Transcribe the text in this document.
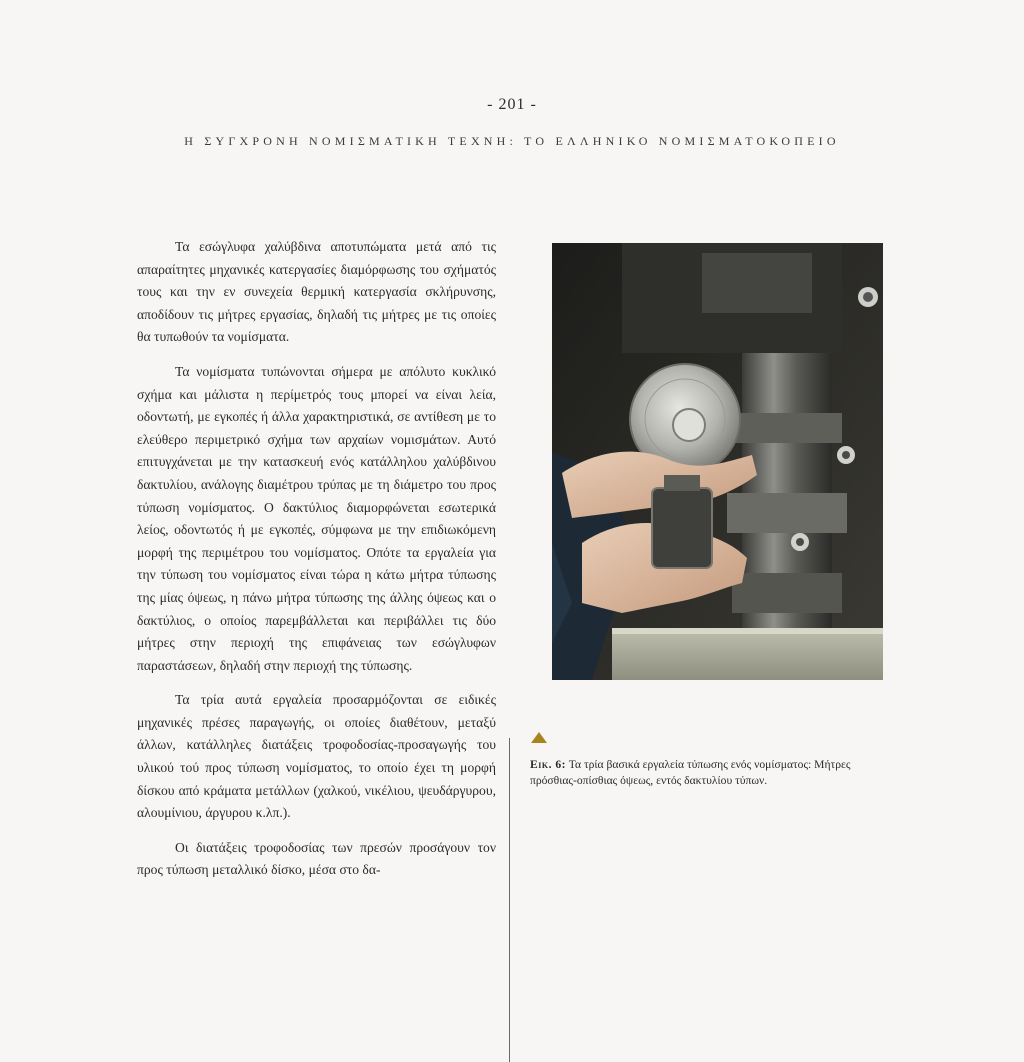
- 201 -
Η ΣΥΓΧΡΟΝΗ ΝΟΜΙΣΜΑΤΙΚΗ ΤΕΧΝΗ: ΤΟ ΕΛΛΗΝΙΚΟ ΝΟΜΙΣΜΑΤΟΚΟΠΕΙΟ

Τα εσώγλυφα χαλύβδινα αποτυπώματα μετά από τις απαραίτητες μηχανικές κατεργασίες διαμόρφωσης του σχήματός τους και την εν συνεχεία θερμική κατεργασία σκλήρυνσης, αποδίδουν τις μήτρες εργασίας, δηλαδή τις μήτρες με τις οποίες θα τυπωθούν τα νομίσματα.

Τα νομίσματα τυπώνονται σήμερα με απόλυτο κυκλικό σχήμα και μάλιστα η περίμετρός τους μπορεί να είναι λεία, οδοντωτή, με εγκοπές ή άλλα χαρακτηριστικά, σε αντίθεση με το ελεύθερο περιμετρικό σχήμα των αρχαίων νομισμάτων. Αυτό επιτυγχάνεται με την κατασκευή ενός κατάλληλου χαλύβδινου δακτυλίου, ανάλογης διαμέτρου τρύπας με τη διάμετρο του προς τύπωση νομίσματος. Ο δακτύλιος διαμορφώνεται εσωτερικά λείος, οδοντωτός ή με εγκοπές, σύμφωνα με την επιδιωκόμενη μορφή της περιμέτρου του νομίσματος. Οπότε τα εργαλεία για την τύπωση του νομίσματος είναι τώρα η κάτω μήτρα τύπωσης της μίας όψεως, η πάνω μήτρα τύπωσης της άλλης όψεως και ο δακτύλιος, ο οποίος παρεμβάλλεται και περιβάλλει τις δύο μήτρες στην περιοχή της επιφάνειας των εσώγλυφων παραστάσεων, δηλαδή στην περιοχή της τύπωσης.

Τα τρία αυτά εργαλεία προσαρμόζονται σε ειδικές μηχανικές πρέσες παραγωγής, οι οποίες διαθέτουν, μεταξύ άλλων, κατάλληλες διατάξεις τροφοδοσίας-προσαγωγής του υλικού τού προς τύπωση νομίσματος, το οποίο έχει τη μορφή δίσκου από κράματα μετάλλων (χαλκού, νικέλιου, ψευδάργυρου, αλουμίνιου, άργυρου κ.λπ.).

Οι διατάξεις τροφοδοσίας των πρεσών προσάγουν τον προς τύπωση μεταλλικό δίσκο, μέσα στο δα-

Εικ. 6: Τα τρία βασικά εργαλεία τύπωσης ενός νομίσματος: Μήτρες πρόσθιας-οπίσθιας όψεως, εντός δακτυλίου τύπων.
